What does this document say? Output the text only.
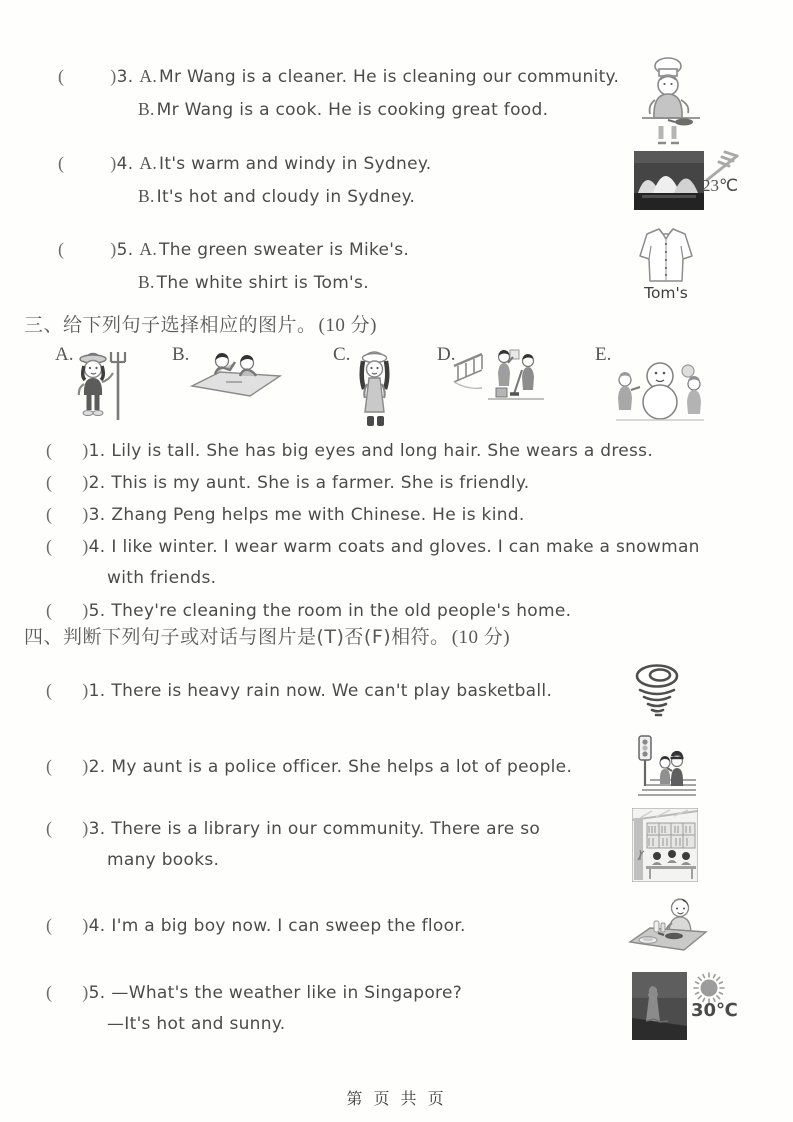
(	)3. A. Mr Wang is a cleaner. He is cleaning our community.
B. Mr Wang is a cook. He is cooking great food.
(	)4. A. It's warm and windy in Sydney.
B. It's hot and cloudy in Sydney.
(	)5. A. The green sweater is Mike's.
B. The white shirt is Tom's.
23℃
Tom's
三、给下列句子选择相应的图片。 (10 分)
A.	B.	C.	D.	E.
( )1. Lily is tall. She has big eyes and long hair. She wears a dress.
( )2. This is my aunt. She is a farmer. She is friendly.
( )3. Zhang Peng helps me with Chinese. He is kind.
( )4. I like winter. I wear warm coats and gloves. I can make a snowman
with friends.
( )5. They're cleaning the room in the old people's home.
四、判断下列句子或对话与图片是(T)否(F)相符。 (10 分)
( )1. There is heavy rain now. We can't play basketball.
( )2. My aunt is a police officer. She helps a lot of people.
( )3. There is a library in our community. There are so
many books.
( )4. I'm a big boy now. I can sweep the floor.
( )5. —What's the weather like in Singapore?
—It's hot and sunny.
30℃
第 页 共 页
